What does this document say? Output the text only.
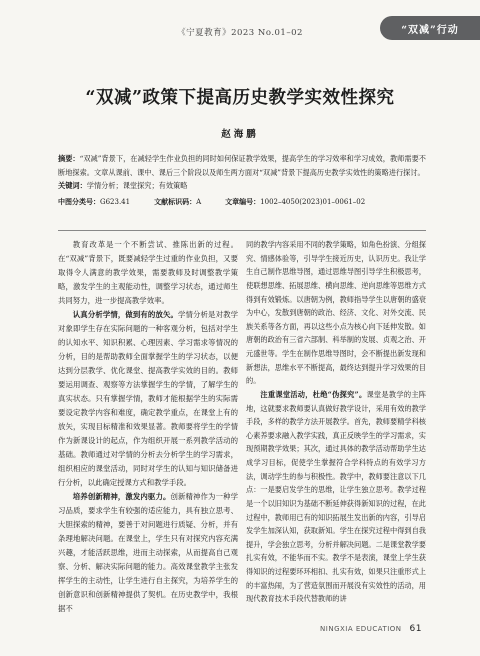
《宁夏教育》2023 No.01–02	“双减”行动
“双减”政策下提高历史教学实效性探究
赵海鹏

摘要：“双减”背景下，在减轻学生作业负担的同时如何保证教学效果，提高学生的学习效率和学习成效，教师需要不断地探索。文章从课前、课中、课后三个阶段以及师生两方面对“双减”背景下提高历史教学实效性的策略进行探讨。

关键词：学情分析；课堂探究；有效策略

中图分类号：G623.41	文献标识码：A	文章编号：1002–4050(2023)01–0061–02

教育改革是一个不断尝试、推陈出新的过程。在“双减”背景下，既要减轻学生过重的作业负担，又要取得令人满意的教学效果，需要教师及时调整教学策略，激发学生的主观能动性，调整学习状态，通过师生共同努力，进一步提高教学效率。

认真分析学情，做到有的放矢。学情分析是对教学对象即学生存在实际问题的一种客观分析，包括对学生的认知水平、知识积累、心理因素、学习需求等情况的分析，目的是帮助教师全面掌握学生的学习状态，以便达到分层教学、优化课堂、提高教学实效的目的。教师要运用调查、观察等方法掌握学生的学情，了解学生的真实状态。只有掌握学情，教师才能根据学生的实际需要设定教学内容和难度，确定教学重点，在课堂上有的放矢，实现目标精准和效果显著。教师要将学生的学情作为新课设计的起点，作为组织开展一系列教学活动的基础。教师通过对学情的分析去分析学生的学习需求，组织相应的课堂活动，同时对学生的认知与知识储备进行分析，以此确定授课方式和教学手段。

培养创新精神，激发内驱力。创新精神作为一种学习品质，要求学生有较强的适应能力，具有独立思考、大胆探索的精神，要善于对问题进行质疑、分析，并有条理地解决问题。在课堂上，学生只有对探究内容充满兴趣，才能活跃思维，进而主动探索，从而提高自己观察、分析、解决实际问题的能力。高效课堂教学主张发挥学生的主动性，让学生进行自主探究，为培养学生的创新意识和创新精神提供了契机。在历史教学中，我根据不

同的教学内容采用不同的教学策略，如角色扮演、分组探究、情感体验等，引导学生接近历史，认识历史。我让学生自己制作思维导图，通过思维导图引导学生积极思考，使联想思维、拓展思维、横向思维、逆向思维等思维方式得到有效锻炼。以唐朝为例，教师指导学生以唐朝的盛衰为中心，发散到唐朝的政治、经济、文化、对外交流、民族关系等各方面，再以这些小点为核心向下延伸发散。如唐朝的政治有三省六部制、科举制的发展、贞观之治、开元盛世等。学生在制作思维导图时，会不断提出新发现和新想法，思维水平不断提高，最终达到提升学习效果的目的。

注重课堂活动，杜绝“伪探究”。课堂是教学的主阵地，这就要求教师要认真做好教学设计，采用有效的教学手段，多样的教学方法开展教学。首先，教师要精学科核心素养要求融入教学实践，真正反映学生的学习需求，实现预期教学效果；其次，通过具体的教学活动帮助学生达成学习目标，促使学生掌握符合学科特点的有效学习方法，调动学生的参与积极性。教学中，教师要注意以下几点：一是要启发学生的思维，让学生独立思考。教学过程是一个以旧知识为基础不断延伸获得新知识的过程，在此过程中，教师用已有的知识拓展生发出新的内容，引导启发学生加深认知，获取新知。学生在探究过程中得到自我提升，学会独立思考，分析并解决问题。二是课堂教学要扎实有效，不能华而不实。教学不是表演，课堂上学生获得知识的过程要环环相扣、扎实有效，如果只注重形式上的丰富热闹，为了营造氛围而开展没有实效性的活动，用现代教育技术手段代替教师的讲

NINGXIA EDUCATION 61
